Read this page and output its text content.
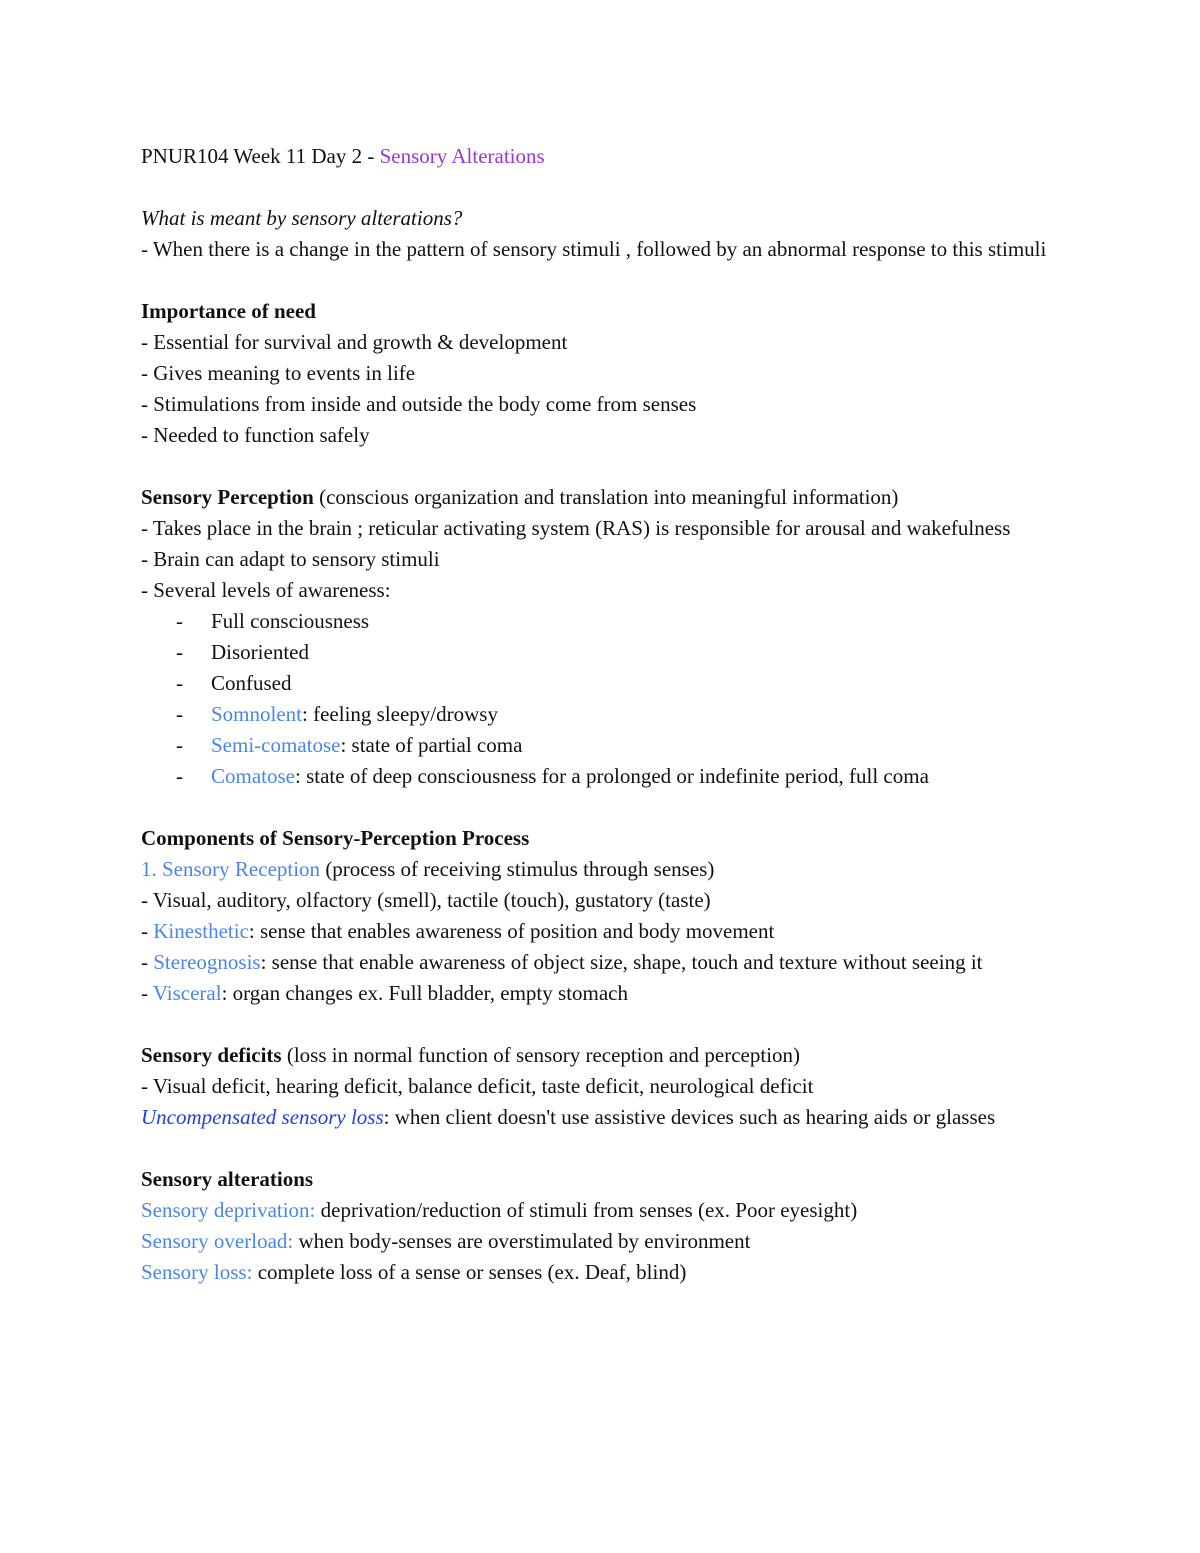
PNUR104 Week 11 Day 2 - Sensory Alterations

What is meant by sensory alterations?

- When there is a change in the pattern of sensory stimuli , followed by an abnormal response to this stimuli

Importance of need

- Essential for survival and growth & development

- Gives meaning to events in life

- Stimulations from inside and outside the body come from senses

- Needed to function safely

Sensory Perception (conscious organization and translation into meaningful information)

- Takes place in the brain ; reticular activating system (RAS) is responsible for arousal and wakefulness

- Brain can adapt to sensory stimuli

- Several levels of awareness:

- Full consciousness
- Disoriented
- Confused
- Somnolent: feeling sleepy/drowsy
- Semi-comatose: state of partial coma
- Comatose: state of deep consciousness for a prolonged or indefinite period, full coma

Components of Sensory-Perception Process

1. Sensory Reception (process of receiving stimulus through senses)

- Visual, auditory, olfactory (smell), tactile (touch), gustatory (taste)

- Kinesthetic: sense that enables awareness of position and body movement

- Stereognosis: sense that enable awareness of object size, shape, touch and texture without seeing it

- Visceral: organ changes ex. Full bladder, empty stomach

Sensory deficits (loss in normal function of sensory reception and perception)

- Visual deficit, hearing deficit, balance deficit, taste deficit, neurological deficit

Uncompensated sensory loss: when client doesn't use assistive devices such as hearing aids or glasses

Sensory alterations

Sensory deprivation: deprivation/reduction of stimuli from senses (ex. Poor eyesight)

Sensory overload: when body-senses are overstimulated by environment

Sensory loss: complete loss of a sense or senses (ex. Deaf, blind)
